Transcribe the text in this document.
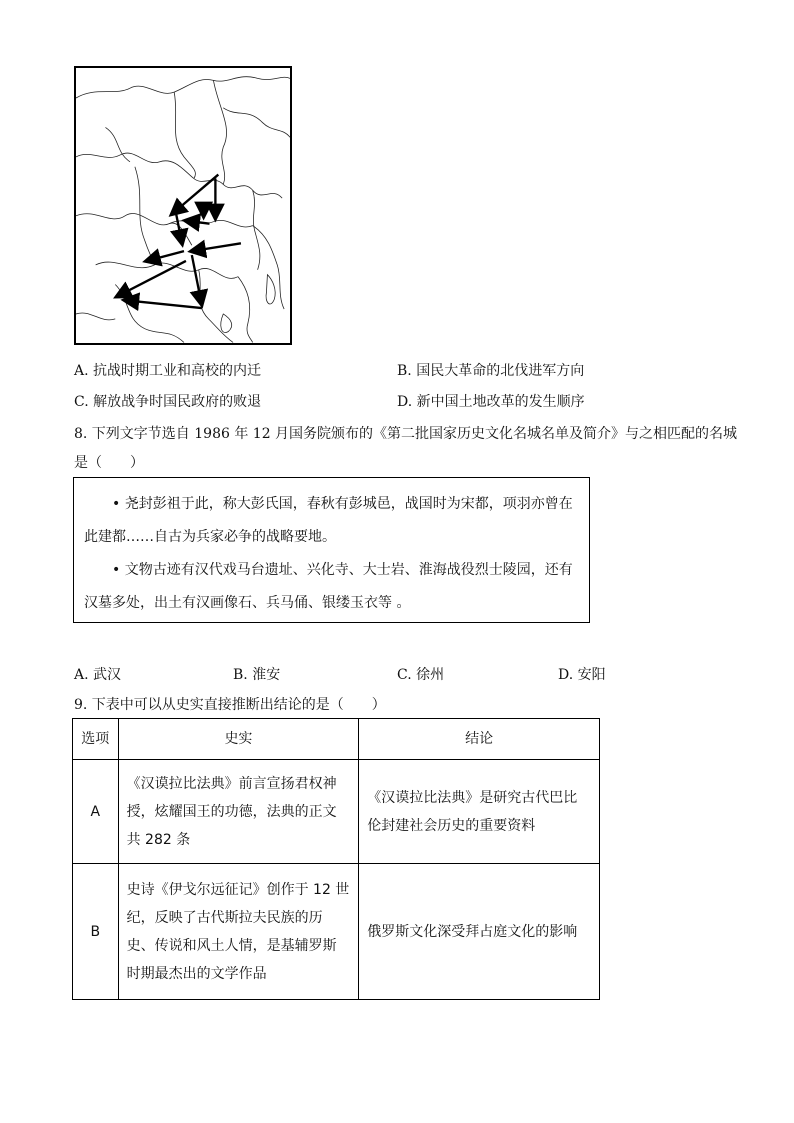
A. 抗战时期工业和高校的内迁	B. 国民大革命的北伐进军方向
C. 解放战争时国民政府的败退	D. 新中国土地改革的发生顺序
8. 下列文字节选自 1986 年 12 月国务院颁布的《第二批国家历史文化名城名单及简介》与之相匹配的名城
是（　　）

• 尧封彭祖于此，称大彭氏国，春秋有彭城邑，战国时为宋都，项羽亦曾在此建都……自古为兵家必争的战略要地。

• 文物古迹有汉代戏马台遗址、兴化寺、大士岩、淮海战役烈士陵园，还有汉墓多处，出土有汉画像石、兵马俑、银缕玉衣等 。

A. 武汉	B. 淮安	C. 徐州	D. 安阳
9. 下表中可以从史实直接推断出结论的是（　　）
选项	史实	结论
A	《汉谟拉比法典》前言宣扬君权神授，炫耀国王的功德，法典的正文共 282 条	《汉谟拉比法典》是研究古代巴比伦封建社会历史的重要资料
B	史诗《伊戈尔远征记》创作于 12 世纪，反映了古代斯拉夫民族的历史、传说和风土人情，是基辅罗斯时期最杰出的文学作品	俄罗斯文化深受拜占庭文化的影响
